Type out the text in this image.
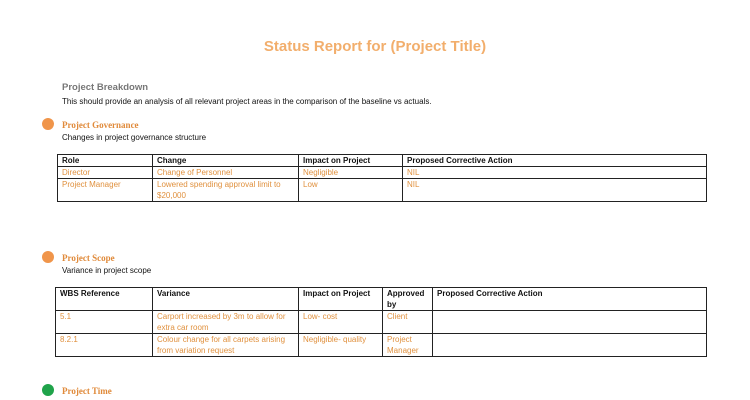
Status Report for (Project Title)
Project Breakdown
This should provide an analysis of all relevant project areas in the comparison of the baseline vs actuals.
Project Governance
Changes in project governance structure
Role	Change	Impact on Project	Proposed Corrective Action
Director	Change of Personnel	Negligible	NIL
Project Manager	Lowered spending approval limit to $20,000	Low	NIL
Project Scope
Variance in project scope
WBS Reference	Variance	Impact on Project	Approved by	Proposed Corrective Action
5.1	Carport increased by 3m to allow for extra car room	Low- cost	Client	
8.2.1	Colour change for all carpets arising from variation request	Negligible- quality	Project Manager	
Project Time
